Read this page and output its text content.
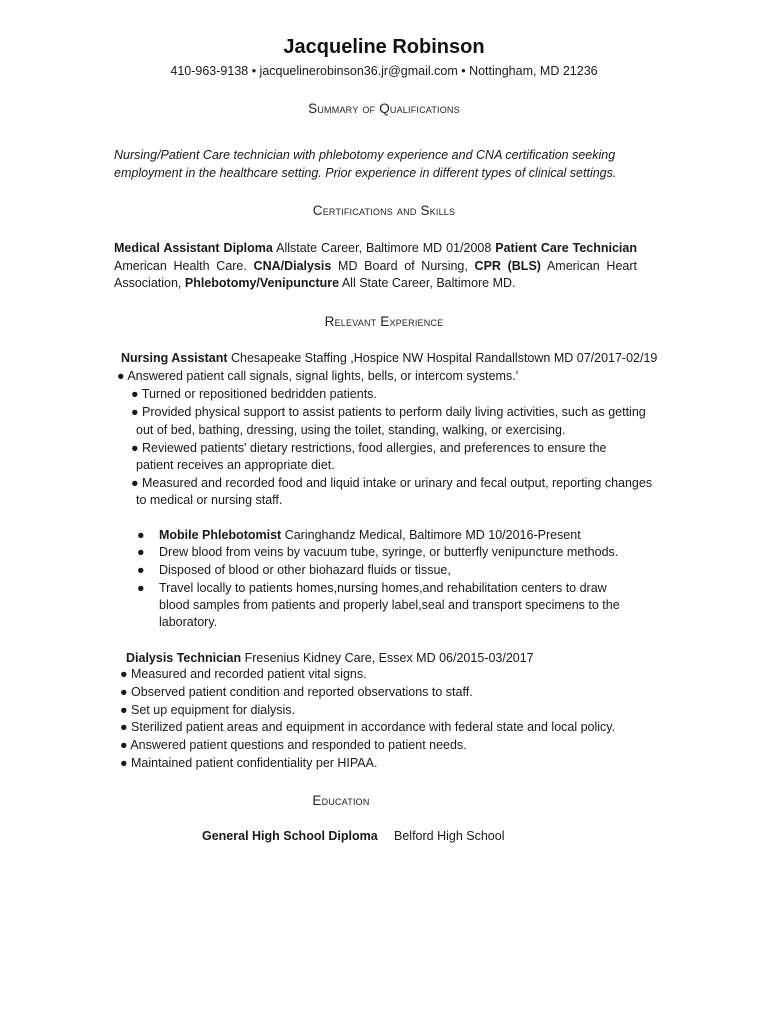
Jacqueline Robinson
410-963-9138 • jacquelinerobinson36.jr@gmail.com • Nottingham, MD 21236
Summary of Qualifications
Nursing/Patient Care technician with phlebotomy experience and CNA certification seeking employment in the healthcare setting. Prior experience in different types of clinical settings.
Certifications and Skills
Medical Assistant Diploma Allstate Career, Baltimore MD 01/2008 Patient Care Technician American Health Care. CNA/Dialysis MD Board of Nursing, CPR (BLS) American Heart Association, Phlebotomy/Venipuncture All State Career, Baltimore MD.
Relevant Experience
Nursing Assistant Chesapeake Staffing ,Hospice NW Hospital Randallstown MD 07/2017-02/19
● Answered patient call signals, signal lights, bells, or intercom systems.'
● Turned or repositioned bedridden patients.
● Provided physical support to assist patients to perform daily living activities, such as getting
out of bed, bathing, dressing, using the toilet, standing, walking, or exercising.
● Reviewed patients' dietary restrictions, food allergies, and preferences to ensure the
patient receives an appropriate diet.
● Measured and recorded food and liquid intake or urinary and fecal output, reporting changes
to medical or nursing staff.
● Mobile Phlebotomist Caringhandz Medical, Baltimore MD 10/2016-Present
● Drew blood from veins by vacuum tube, syringe, or butterfly venipuncture methods.
● Disposed of blood or other biohazard fluids or tissue,
● Travel locally to patients homes,nursing homes,and rehabilitation centers to draw
blood samples from patients and properly label,seal and transport specimens to the
laboratory.
Dialysis Technician Fresenius Kidney Care, Essex MD 06/2015-03/2017
● Measured and recorded patient vital signs.
● Observed patient condition and reported observations to staff.
● Set up equipment for dialysis.
● Sterilized patient areas and equipment in accordance with federal state and local policy.
● Answered patient questions and responded to patient needs.
● Maintained patient confidentiality per HIPAA.
Education
General High School Diploma Belford High School
